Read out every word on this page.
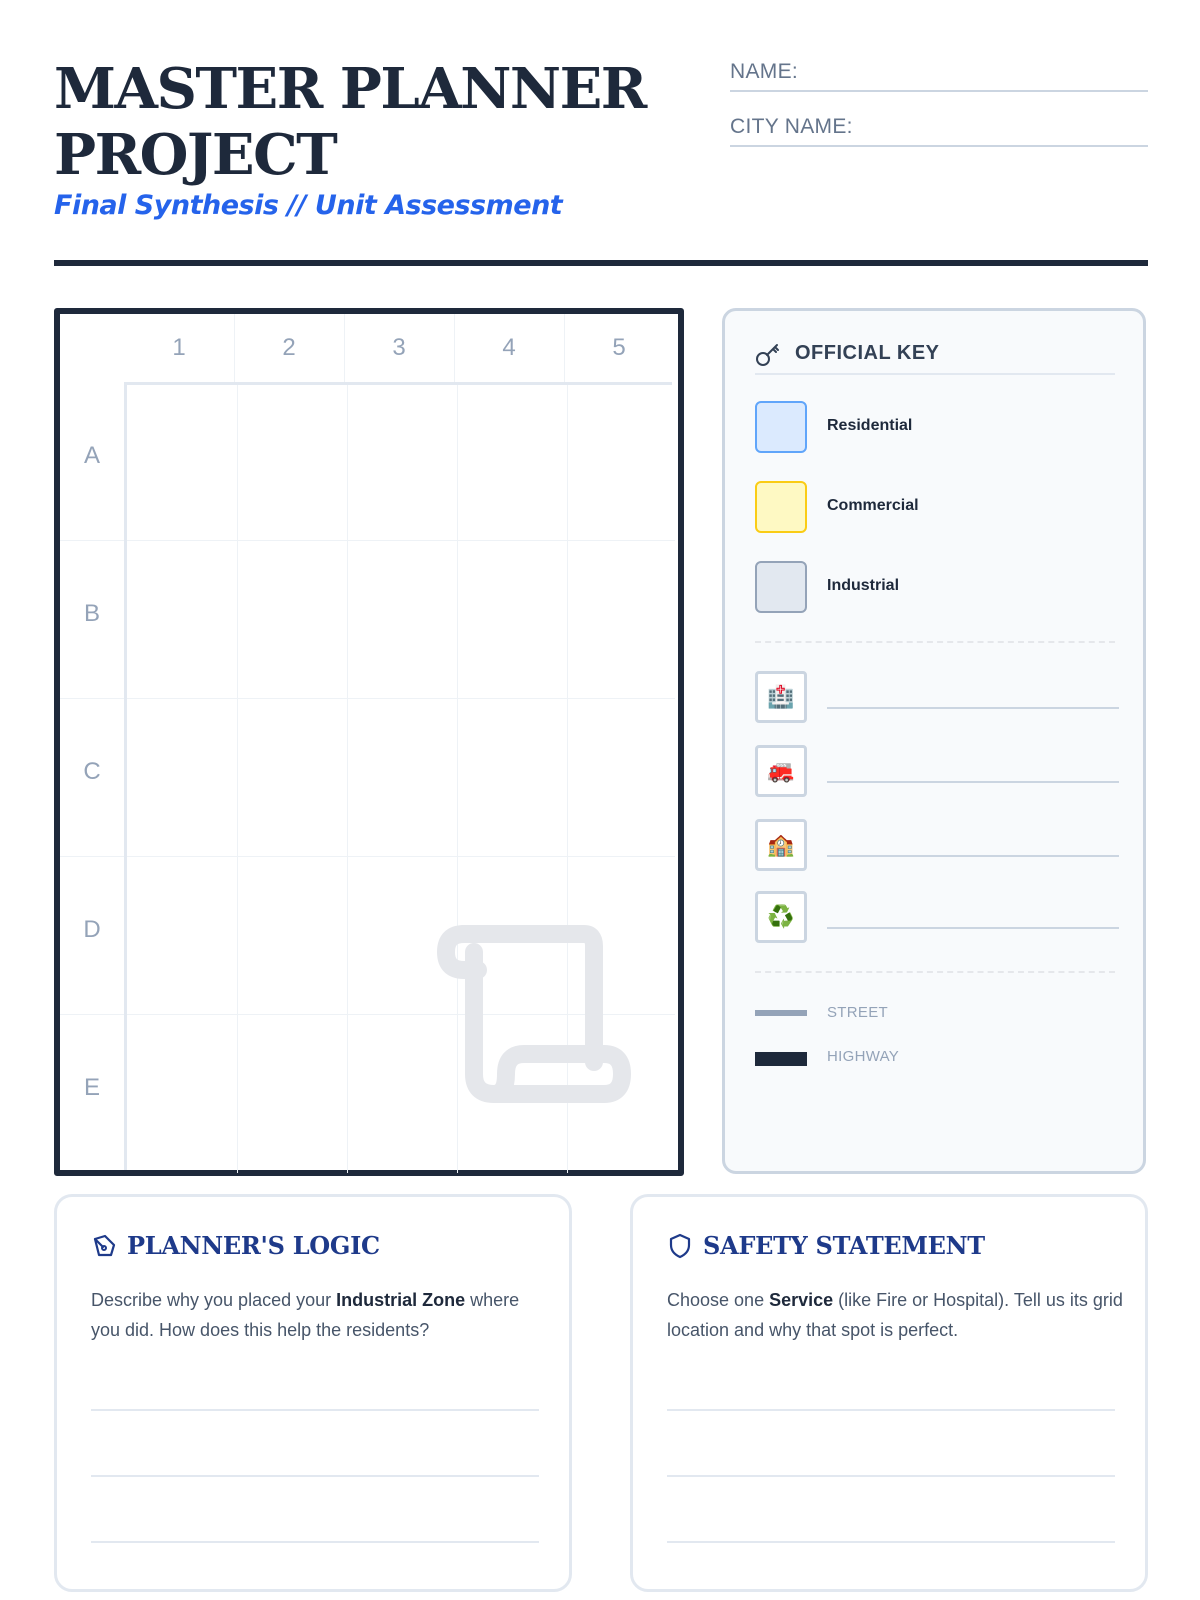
MASTER PLANNER
PROJECT
Final Synthesis // Unit Assessment
NAME:
CITY NAME:
1	2	3	4	5
A
B
C
D
E
OFFICIAL KEY
Residential
Commercial
Industrial
🏥
🚒
🏫
♻️
STREET
HIGHWAY
PLANNER'S LOGIC
Describe why you placed your Industrial Zone where you did. How does this help the residents?
SAFETY STATEMENT
Choose one Service (like Fire or Hospital). Tell us its grid location and why that spot is perfect.
